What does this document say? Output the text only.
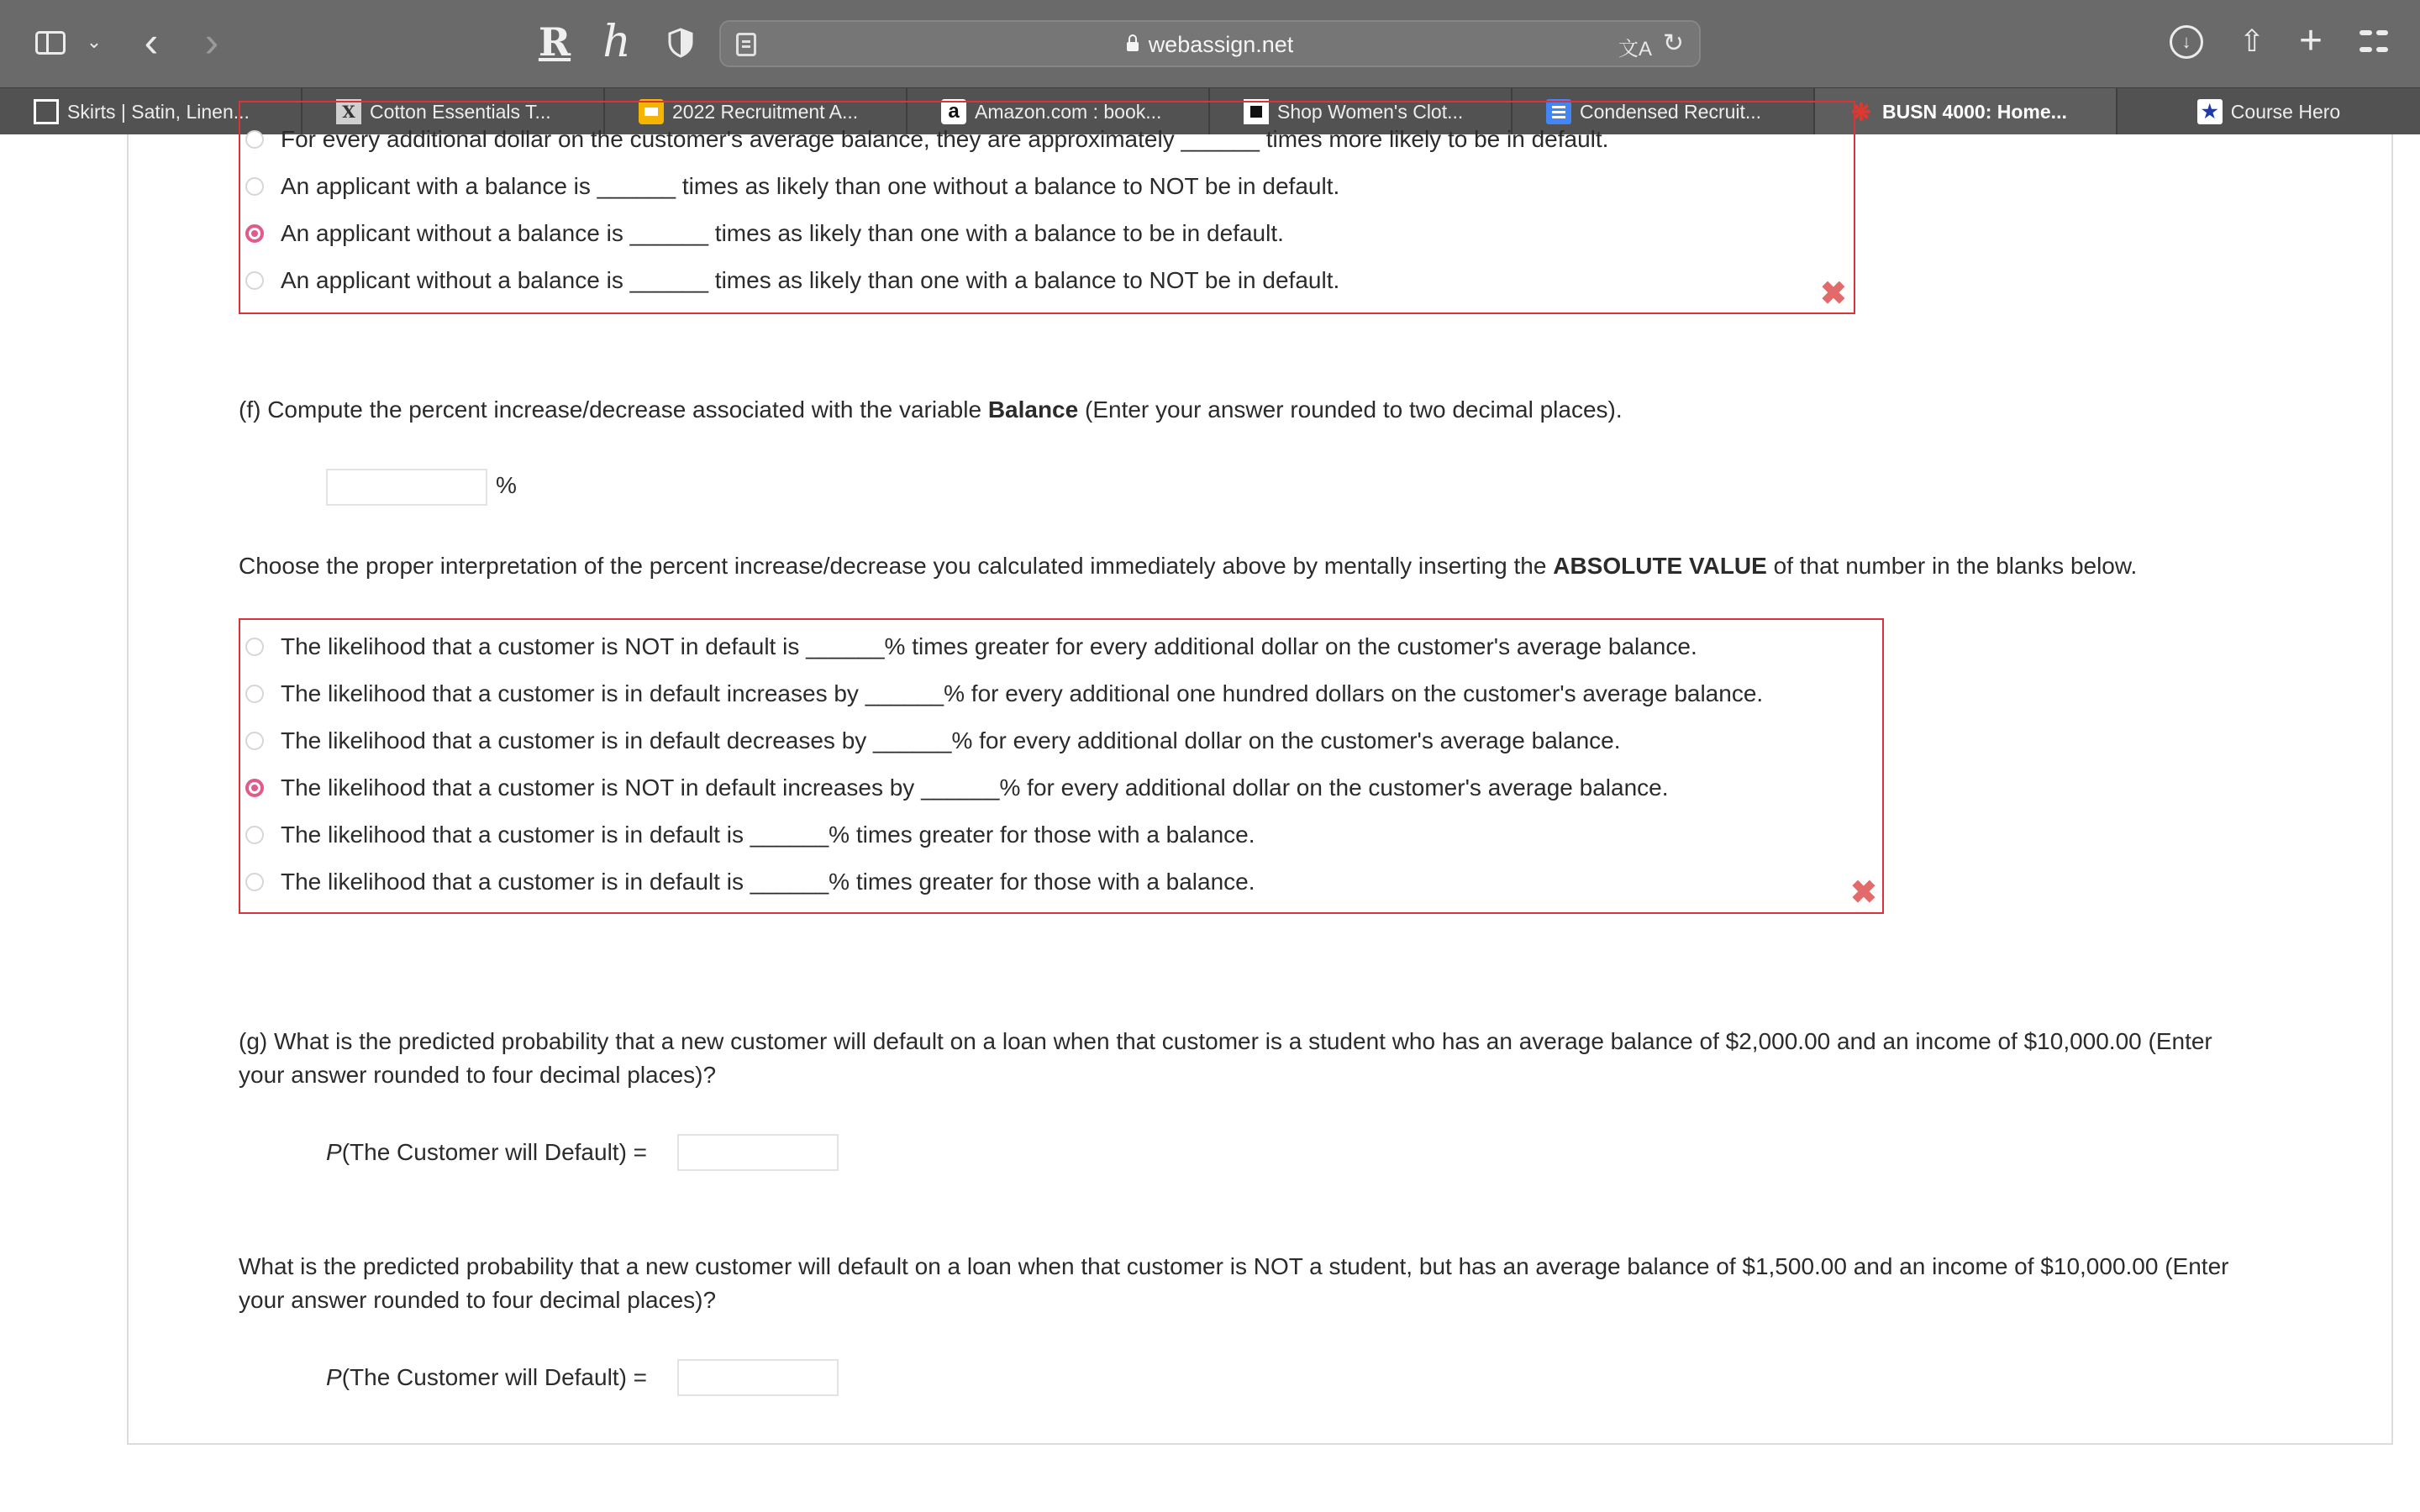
⌄ ‹ ›	R h	webassign.net	文A ↻	↓	⇧ +
Skirts | Satin, Linen...	X Cotton Essentials T...	2022 Recruitment A...	a Amazon.com : book...	Shop Women's Clot...	Condensed Recruit...	❋ BUSN 4000: Home...	★ Course Hero
For every additional dollar on the customer's average balance, they are approximately ______ times more likely to be in default.
An applicant with a balance is ______ times as likely than one without a balance to NOT be in default.
An applicant without a balance is ______ times as likely than one with a balance to be in default.
An applicant without a balance is ______ times as likely than one with a balance to NOT be in default.	✖
(f) Compute the percent increase/decrease associated with the variable Balance (Enter your answer rounded to two decimal places).
%
Choose the proper interpretation of the percent increase/decrease you calculated immediately above by mentally inserting the ABSOLUTE VALUE of that number in the blanks below.
The likelihood that a customer is NOT in default is ______% times greater for every additional dollar on the customer's average balance.
The likelihood that a customer is in default increases by ______% for every additional one hundred dollars on the customer's average balance.
The likelihood that a customer is in default decreases by ______% for every additional dollar on the customer's average balance.
The likelihood that a customer is NOT in default increases by ______% for every additional dollar on the customer's average balance.
The likelihood that a customer is in default is ______% times greater for those with a balance.
The likelihood that a customer is in default is ______% times greater for those with a balance.	✖
(g) What is the predicted probability that a new customer will default on a loan when that customer is a student who has an average balance of $2,000.00 and an income of $10,000.00 (Enter
your answer rounded to four decimal places)?
P(The Customer will Default) =
What is the predicted probability that a new customer will default on a loan when that customer is NOT a student, but has an average balance of $1,500.00 and an income of $10,000.00 (Enter
your answer rounded to four decimal places)?
P(The Customer will Default) =
